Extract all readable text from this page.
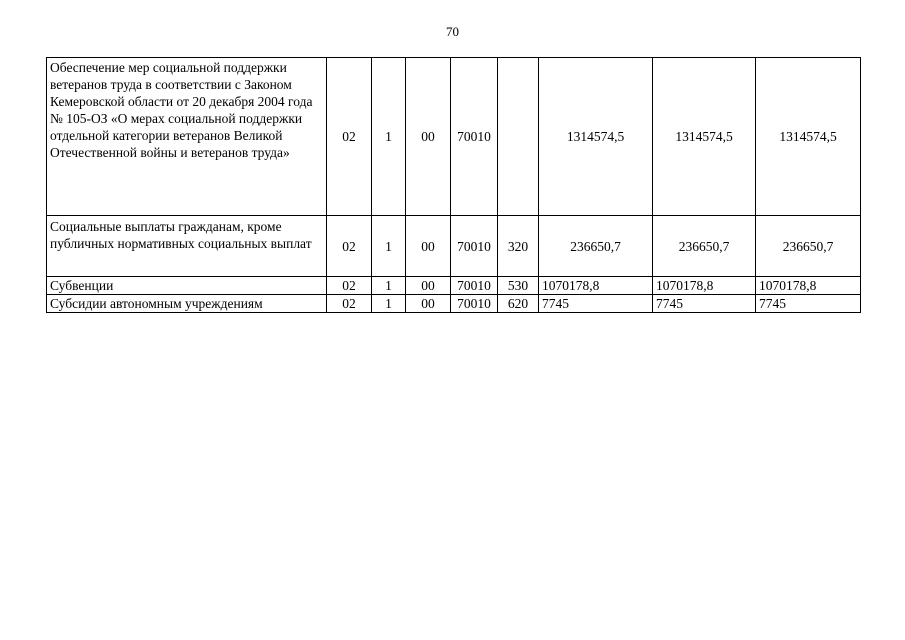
70
Обеспечение мер социальной поддержки ветеранов труда в соответствии с Законом Кемеровской области от 20 декабря 2004 года № 105-ОЗ «О мерах социальной поддержки отдельной категории ветеранов Великой Отечественной войны и ветеранов труда»	02	1	00	70010		1314574,5	1314574,5	1314574,5
Социальные выплаты гражданам, кроме публичных нормативных социальных выплат	02	1	00	70010	320	236650,7	236650,7	236650,7
Субвенции	02	1	00	70010	530	1070178,8	1070178,8	1070178,8
Субсидии автономным учреждениям	02	1	00	70010	620	7745	7745	7745
